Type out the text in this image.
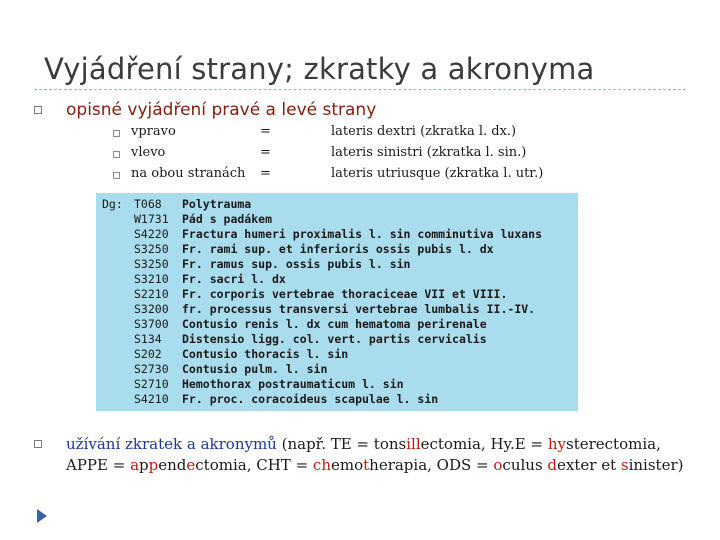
Vyjádření strany; zkratky a akronyma
opisné vyjádření pravé a levé strany
vpravo	=	lateris dextri (zkratka l. dx.)
vlevo	=	lateris sinistri (zkratka l. sin.)
na obou stranách =	lateris utriusque (zkratka l. utr.)
Dg: T068	Polytrauma
W1731	Pád s padákem
S4220	Fractura humeri proximalis l. sin comminutiva luxans
S3250	Fr. rami sup. et inferioris ossis pubis l. dx
S3250	Fr. ramus sup. ossis pubis l. sin
S3210	Fr. sacri l. dx
S2210	Fr. corporis vertebrae thoraciceae VII et VIII.
S3200	fr. processus transversi vertebrae lumbalis II.-IV.
S3700	Contusio renis l. dx cum hematoma perirenale
S134	Distensio ligg. col. vert. partis cervicalis
S202	Contusio thoracis l. sin
S2730	Contusio pulm. l. sin
S2710	Hemothorax postraumaticum l. sin
S4210	Fr. proc. coracoideus scapulae l. sin
užívání zkratek a akronymů (např. TE = tonsillectomia, Hy.E = hysterectomia,
APPE = appendectomia, CHT = chemotherapia, ODS = oculus dexter et sinister)
